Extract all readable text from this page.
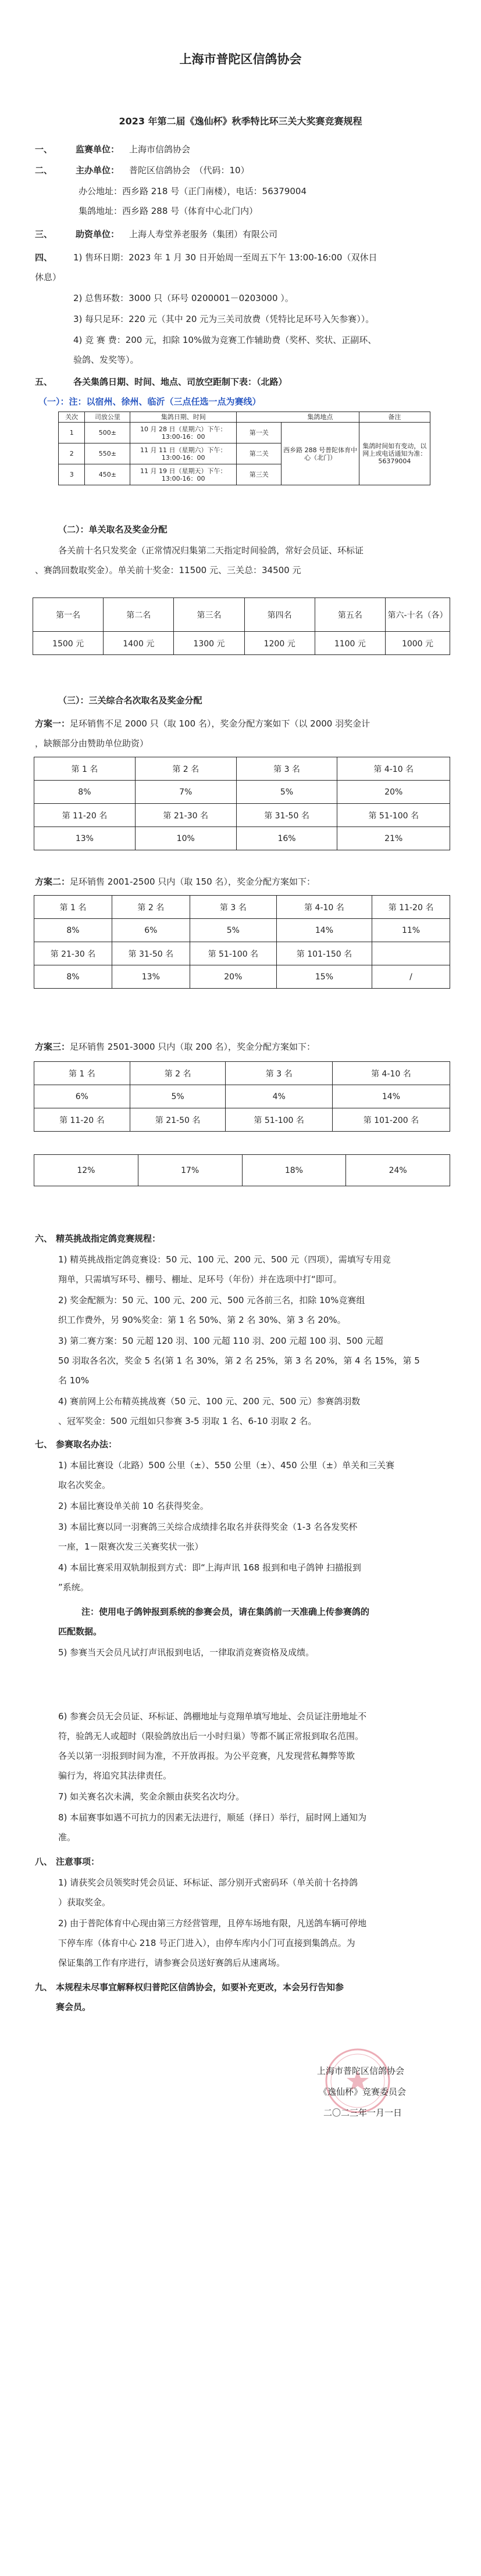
上海市普陀区信鸽协会
2023 年第二届《逸仙杯》秋季特比环三关大奖赛竞赛规程
一、	监赛单位： 上海市信鸽协会
二、	主办单位： 普陀区信鸽协会　（代码：10）
办公地址：西乡路 218 号（正门南楼），电话：56379004
集鸽地址：西乡路 288 号（体育中心北门内）
三、	助资单位： 上海人寿堂养老服务（集团）有限公司
四、 1) 售环日期：2023 年 1 月 30 日开始周一至周五下午 13:00-16:00（双休日
休息）
2) 总售环数：3000 只（环号 0200001－0203000 ）。
3) 每只足环：220 元（其中 20 元为三关司放费（凭特比足环号入矢参赛））。
4) 竞 赛 费：200 元，扣除 10%做为竞赛工作辅助费（奖杯、奖状、正副环、
验鸽、发奖等）。
五、 各关集鸽日期、时间、地点、司放空距制下表：（北路）
（一）：注：以宿州、徐州、临沂（三点任选一点为赛线）
关次	司放公里	集鸽日期、时间		集鸽地点	备注
1	500±	10 月 28 日（星期六）下午：13:00-16：00	第一关	西乡路 288 号普陀体育中心（北门）	集鸽时间如有变动，以网上或电话通知为准：56379004
2	550±	11 月 11 日（星期六）下午：13:00-16：00	第二关		
3	450±	11 月 19 日（星期天）下午：13:00-16：00	第三关		
（二）：单关取名及奖金分配
各关前十名只发奖金（正常情况归集第二天指定时间验鸽，常好会员证、环标证
、赛鸽回数取奖金）。单关前十奖金：11500 元、三关总：34500 元
第一名	第二名	第三名	第四名	第五名	第六-十名（各）
1500 元	1400 元	1300 元	1200 元	1100 元	1000 元
（三）：三关综合名次取名及奖金分配
方案一：足环销售不足 2000 只（取 100 名），奖金分配方案如下（以 2000 羽奖金计
，缺额部分由赞助单位助资）
第 1 名	第 2 名	第 3 名	第 4-10 名
8%	7%	5%	20%
第 11-20 名	第 21-30 名	第 31-50 名	第 51-100 名
13%	10%	16%	21%
方案二：足环销售 2001-2500 只内（取 150 名），奖金分配方案如下：
第 1 名	第 2 名	第 3 名	第 4-10 名	第 11-20 名
8%	6%	5%	14%	11%
第 21-30 名	第 31-50 名	第 51-100 名	第 101-150 名	
8%	13%	20%	15%	/
方案三：足环销售 2501-3000 只内（取 200 名），奖金分配方案如下：
第 1 名	第 2 名	第 3 名	第 4-10 名
6%	5%	4%	14%
第 11-20 名	第 21-50 名	第 51-100 名	第 101-200 名
12%	17%	18%	24%
六、 精英挑战指定鸽竞赛规程：
1) 精英挑战指定鸽竞赛设：50 元、100 元、200 元、500 元（四项），需填写专用竞
翔单，只需填写环号、棚号、棚址、足环号（年份）并在选项中打“即可。
2) 奖金配额为：50 元、100 元、200 元、500 元各前三名，扣除 10%竞赛组
织工作费外，另 90%奖金：第 1 名 50%、第 2 名 30%、第 3 名 20%。
3) 第二赛方案：50 元超 120 羽、100 元超 110 羽、200 元超 100 羽、500 元超
50 羽取各名次，奖金 5 名(第 1 名 30%，第 2 名 25%，第 3 名 20%，第 4 名 15%，第 5
名 10%
4) 赛前网上公布精英挑战赛（50 元、100 元、200 元、500 元）参赛鸽羽数
、冠军奖金：500 元组如只参赛 3-5 羽取 1 名、6-10 羽取 2 名。
七、 参赛取名办法：
1) 本届比赛设（北路）500 公里（±）、550 公里（±）、450 公里（±）单关和三关赛
取名次奖金。
2) 本届比赛设单关前 10 名获得奖金。
3) 本届比赛以同一羽赛鸽三关综合成绩排名取名并获得奖金（1-3 名各发奖杯
一座，1－限赛次发三关赛奖状一张）
4) 本届比赛采用双轨制报到方式：即“上海声讯 168 报到和电子鸽钟 扫描报到
”系统。
注：使用电子鸽钟报到系统的参赛会员，请在集鸽前一天准确上传参赛鸽的
匹配数据。
5) 参赛当天会员凡试打声讯报到电话，一律取消竞赛资格及成绩。
6) 参赛会员无会员证、环标证、鸽棚地址与竞翔单填写地址、会员证注册地址不
符，验鸽无人或超时（限验鸽放出后一小时归巢）等都不属正常报到取名范围。
各关以第一羽报到时间为准，不开放再报。为公平竞赛，凡发现营私舞弊等欺
骗行为，将追究其法律责任。
7) 如关赛名次未满，奖金余额由获奖名次均分。
8) 本届赛事如遇不可抗力的因素无法进行，顺延（择日）举行，届时网上通知为
准。
八、 注意事项：
1) 请获奖会员领奖时凭会员证、环标证、部分别开式密码环（单关前十名持鸽
）获取奖金。
2) 由于普陀体育中心现由第三方经营管理，且停车场地有限，凡送鸽车辆可停地
下停车库（体育中心 218 号正门进入），由停车库内小门可直接到集鸽点。为
保证集鸽工作有序进行，请参赛会员送好赛鸽后从速离场。
九、 本规程未尽事宜解释权归普陀区信鸽协会，如要补充更改，本会另行告知参
赛会员。
上海市普陀区信鸽协会
《逸仙杯》竞赛委员会
二〇二三年一月一日
